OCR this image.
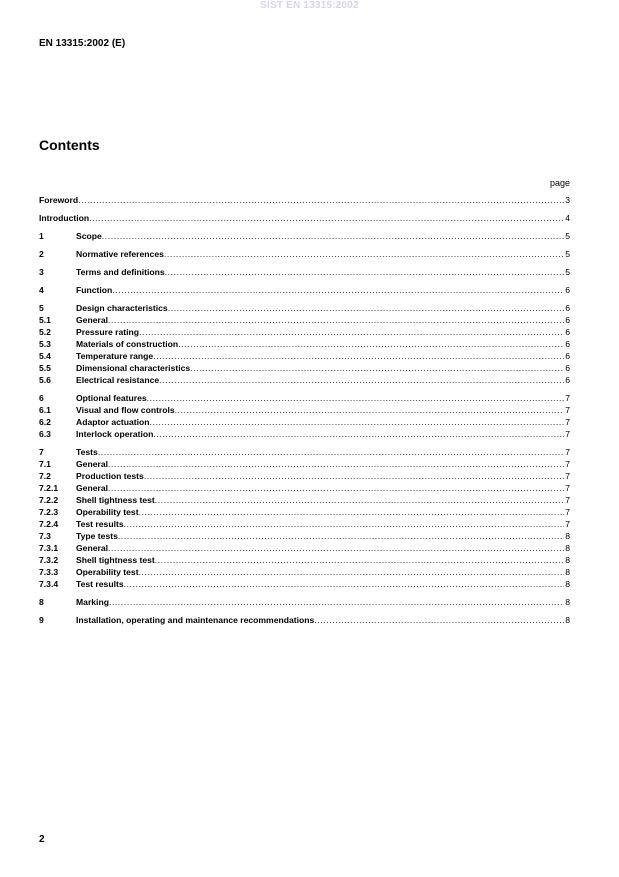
SIST EN 13315:2002
EN 13315:2002 (E)
Contents
page
Foreword .....	3
Introduction .....	4
1	Scope .....	5
2	Normative references .....	5
3	Terms and definitions .....	5
4	Function .....	6
5	Design characteristics .....	6
5.1	General .....	6
5.2	Pressure rating .....	6
5.3	Materials of construction .....	6
5.4	Temperature range .....	6
5.5	Dimensional characteristics .....	6
5.6	Electrical resistance .....	6
6	Optional features .....	7
6.1	Visual and flow controls .....	7
6.2	Adaptor actuation .....	7
6.3	Interlock operation .....	7
7	Tests .....	7
7.1	General .....	7
7.2	Production tests .....	7
7.2.1 General .....	7
7.2.2 Shell tightness test .....	7
7.2.3 Operability test .....	7
7.2.4 Test results .....	7
7.3	Type tests .....	8
7.3.1 General .....	8
7.3.2 Shell tightness test .....	8
7.3.3 Operability test .....	8
7.3.4 Test results .....	8
8	Marking .....	8
9	Installation, operating and maintenance recommendations .....	8
2
